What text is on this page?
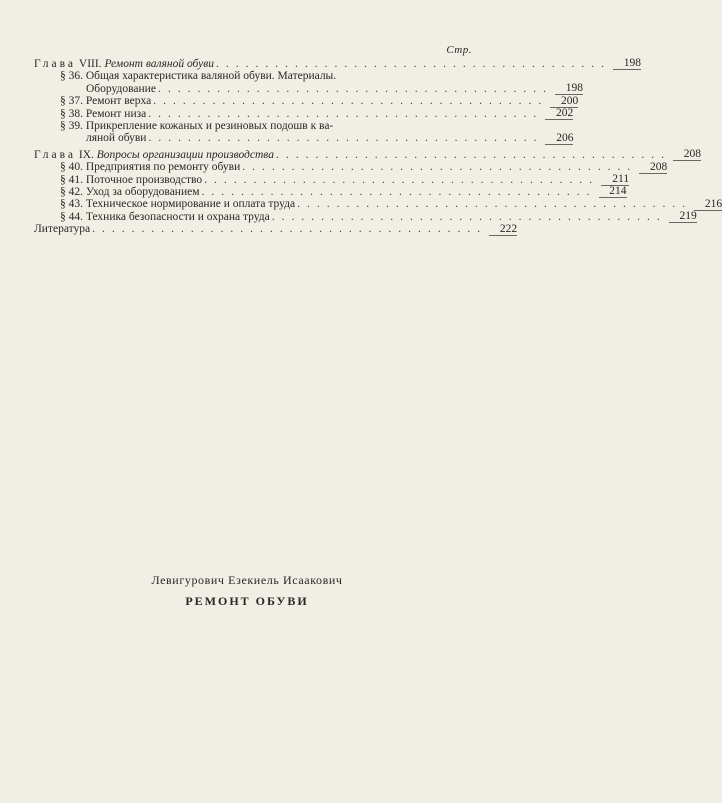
Стр.
Глава VIII. Ремонт валяной обуви ........................................	198
§ 36. Общая характеристика валяной обуви. Материалы.
Оборудование ........................................	198
§ 37. Ремонт верха ........................................	200
§ 38. Ремонт низа ........................................	202
§ 39. Прикрепление кожаных и резиновых подошв к ва-
ляной обуви ........................................	206
Глава IX. Вопросы организации производства ........................................	208
§ 40. Предприятия по ремонту обуви ........................................	208
§ 41. Поточное производство ........................................	211
§ 42. Уход за оборудованием ........................................	214
§ 43. Техническое нормирование и оплата труда ........................................	216
§ 44. Техника безопасности и охрана труда ........................................	219
Литература ........................................	222
Левигурович Езекиель Исаакович
РЕМОНТ ОБУВИ
